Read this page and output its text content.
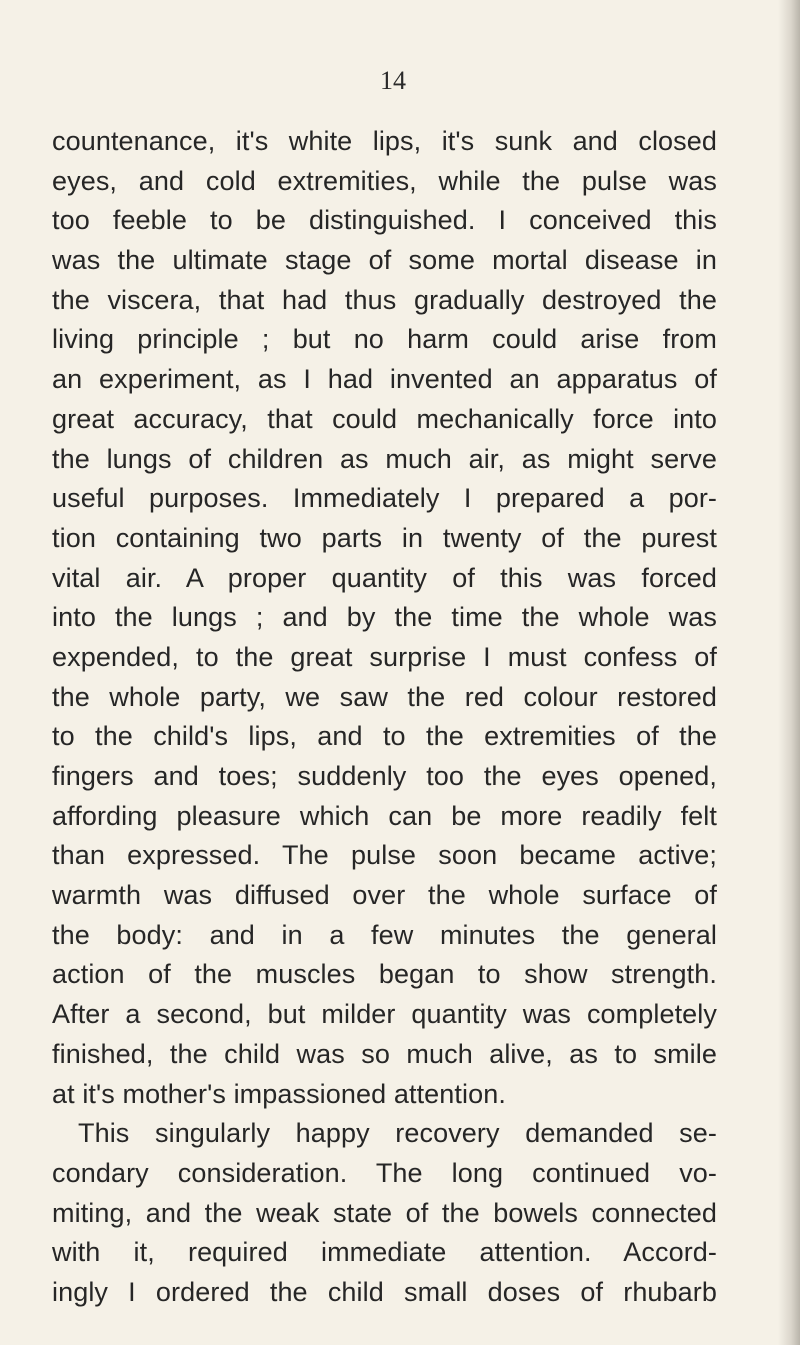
14
countenance, it's white lips, it's sunk and closed
eyes, and cold extremities, while the pulse was
too feeble to be distinguished. I conceived this
was the ultimate stage of some mortal disease in
the viscera, that had thus gradually destroyed the
living principle ; but no harm could arise from
an experiment, as I had invented an apparatus of
great accuracy, that could mechanically force into
the lungs of children as much air, as might serve
useful purposes. Immediately I prepared a por-
tion containing two parts in twenty of the purest
vital air. A proper quantity of this was forced
into the lungs ; and by the time the whole was
expended, to the great surprise I must confess of
the whole party, we saw the red colour restored
to the child's lips, and to the extremities of the
fingers and toes; suddenly too the eyes opened,
affording pleasure which can be more readily felt
than expressed. The pulse soon became active;
warmth was diffused over the whole surface of
the body: and in a few minutes the general
action of the muscles began to show strength.
After a second, but milder quantity was completely
finished, the child was so much alive, as to smile
at it's mother's impassioned attention.
This singularly happy recovery demanded se-
condary consideration. The long continued vo-
miting, and the weak state of the bowels connected
with it, required immediate attention. Accord-
ingly I ordered the child small doses of rhubarb
